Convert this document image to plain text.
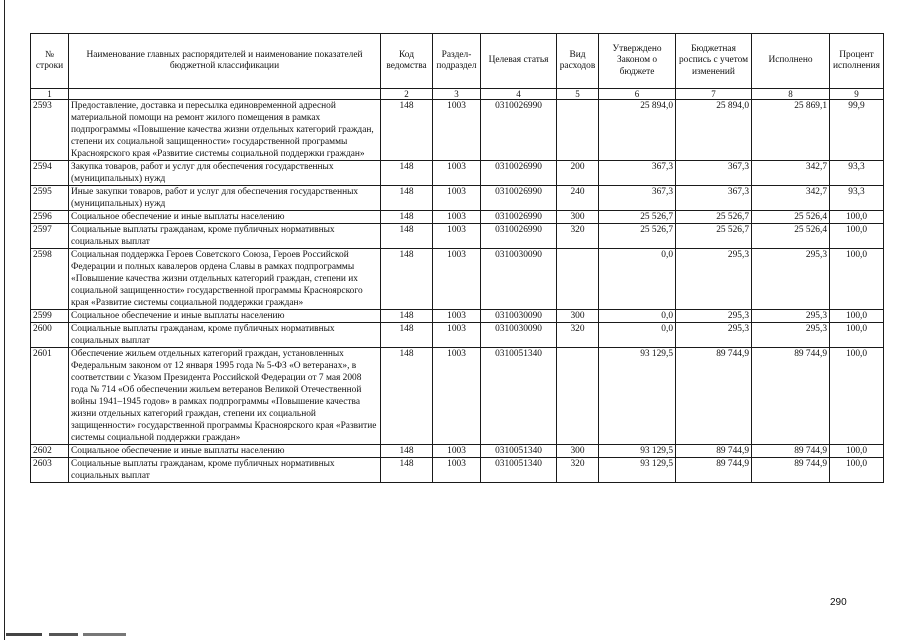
№ строки	Наименование главных распорядителей и наименование показателей бюджетной классификации	Код ведомства	Раздел-подраздел	Целевая статья	Вид расходов	Утверждено Законом о бюджете	Бюджетная роспись с учетом изменений	Исполнено	Процент исполнения
1		2	3	4	5	6	7	8	9
2593	Предоставление, доставка и пересылка единовременной адресной материальной помощи на ремонт жилого помещения в рамках подпрограммы «Повышение качества жизни отдельных категорий граждан, степени их социальной защищенности» государственной программы Красноярского края «Развитие системы социальной поддержки граждан»	148	1003	0310026990		25 894,0	25 894,0	25 869,1	99,9
2594	Закупка товаров, работ и услуг для обеспечения государственных (муниципальных) нужд	148	1003	0310026990	200	367,3	367,3	342,7	93,3
2595	Иные закупки товаров, работ и услуг для обеспечения государственных (муниципальных) нужд	148	1003	0310026990	240	367,3	367,3	342,7	93,3
2596	Социальное обеспечение и иные выплаты населению	148	1003	0310026990	300	25 526,7	25 526,7	25 526,4	100,0
2597	Социальные выплаты гражданам, кроме публичных нормативных социальных выплат	148	1003	0310026990	320	25 526,7	25 526,7	25 526,4	100,0
2598	Социальная поддержка Героев Советского Союза, Героев Российской Федерации и полных кавалеров ордена Славы в рамках подпрограммы «Повышение качества жизни отдельных категорий граждан, степени их социальной защищенности» государственной программы Красноярского края «Развитие системы социальной поддержки граждан»	148	1003	0310030090		0,0	295,3	295,3	100,0
2599	Социальное обеспечение и иные выплаты населению	148	1003	0310030090	300	0,0	295,3	295,3	100,0
2600	Социальные выплаты гражданам, кроме публичных нормативных социальных выплат	148	1003	0310030090	320	0,0	295,3	295,3	100,0
2601	Обеспечение жильем отдельных категорий граждан, установленных Федеральным законом от 12 января 1995 года № 5-ФЗ «О ветеранах», в соответствии с Указом Президента Российской Федерации от 7 мая 2008 года № 714 «Об обеспечении жильем ветеранов Великой Отечественной войны 1941–1945 годов» в рамках подпрограммы «Повышение качества жизни отдельных категорий граждан, степени их социальной защищенности» государственной программы Красноярского края «Развитие системы социальной поддержки граждан»	148	1003	0310051340		93 129,5	89 744,9	89 744,9	100,0
2602	Социальное обеспечение и иные выплаты населению	148	1003	0310051340	300	93 129,5	89 744,9	89 744,9	100,0
2603	Социальные выплаты гражданам, кроме публичных нормативных социальных выплат	148	1003	0310051340	320	93 129,5	89 744,9	89 744,9	100,0
290
